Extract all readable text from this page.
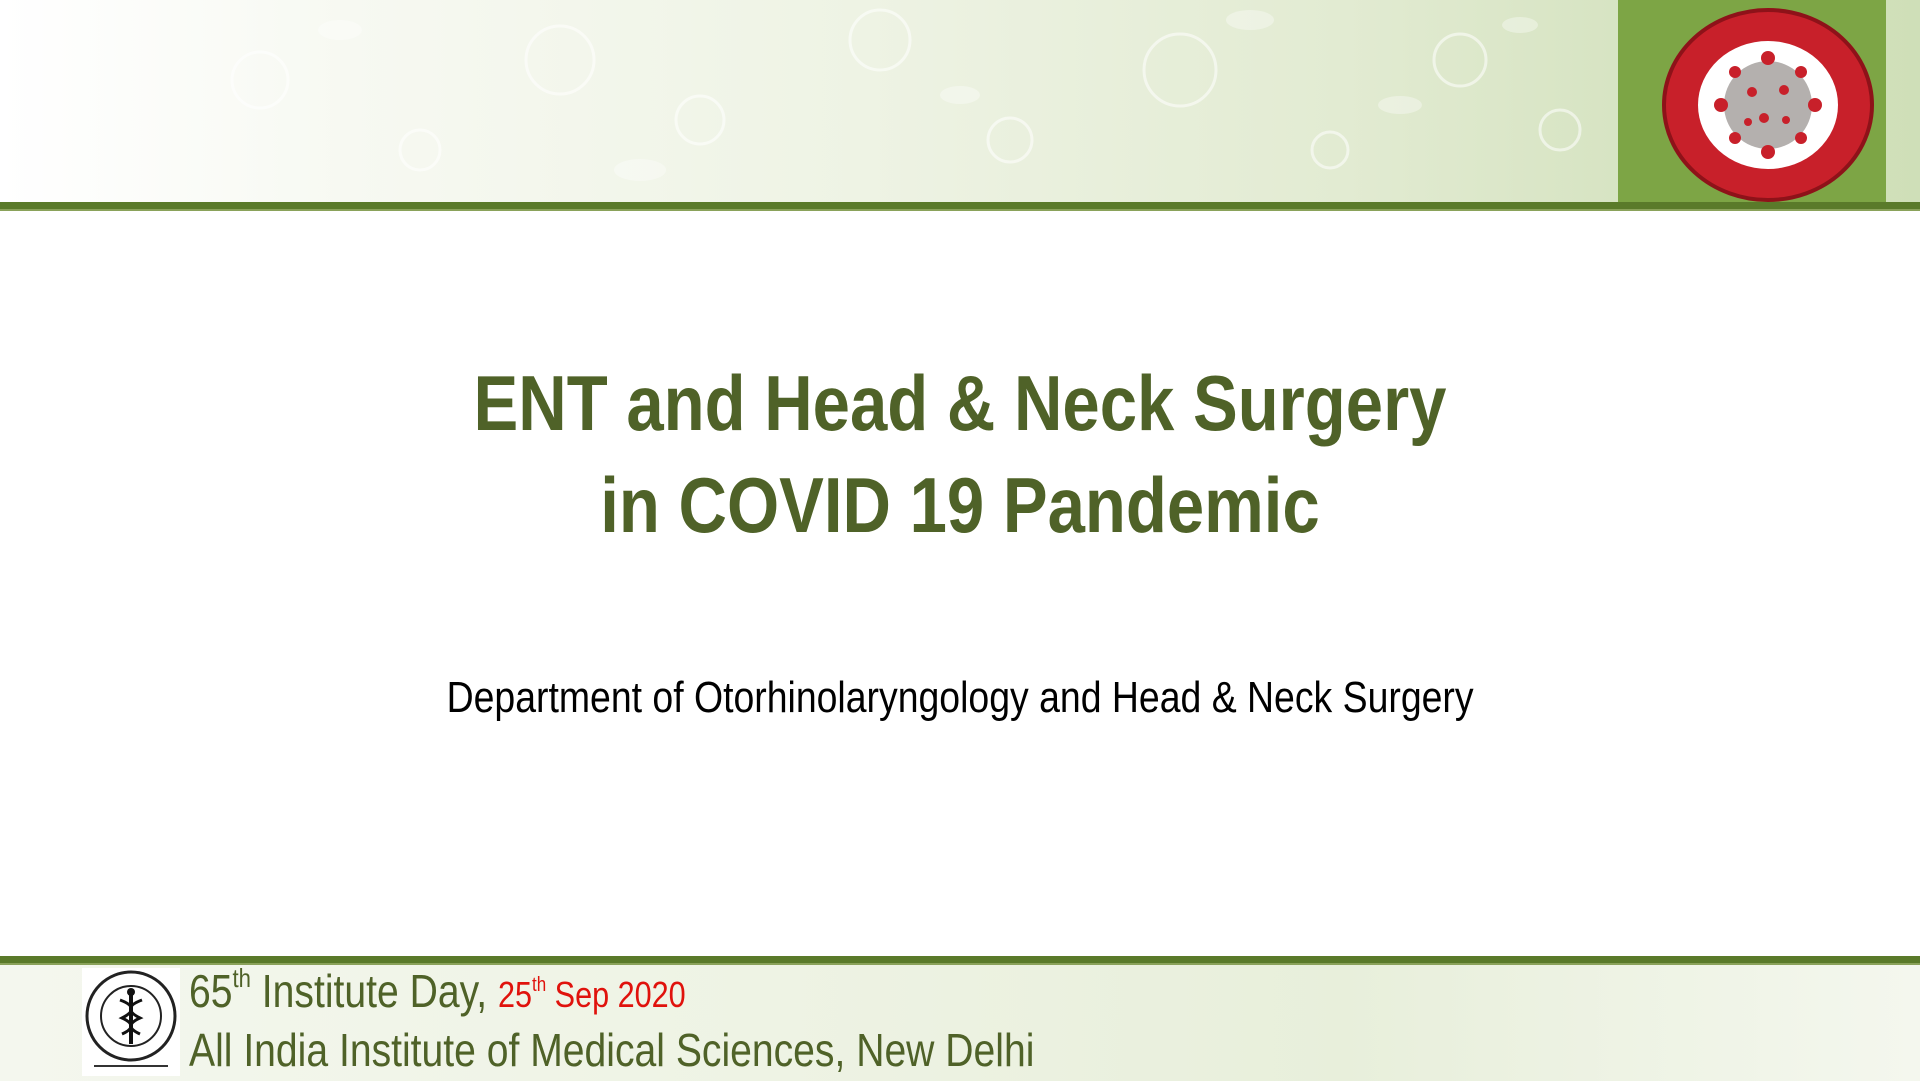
ENT and Head & Neck Surgery
in COVID 19 Pandemic
Department of Otorhinolaryngology and Head & Neck Surgery
65th Institute Day, 25th Sep 2020
All India Institute of Medical Sciences, New Delhi
